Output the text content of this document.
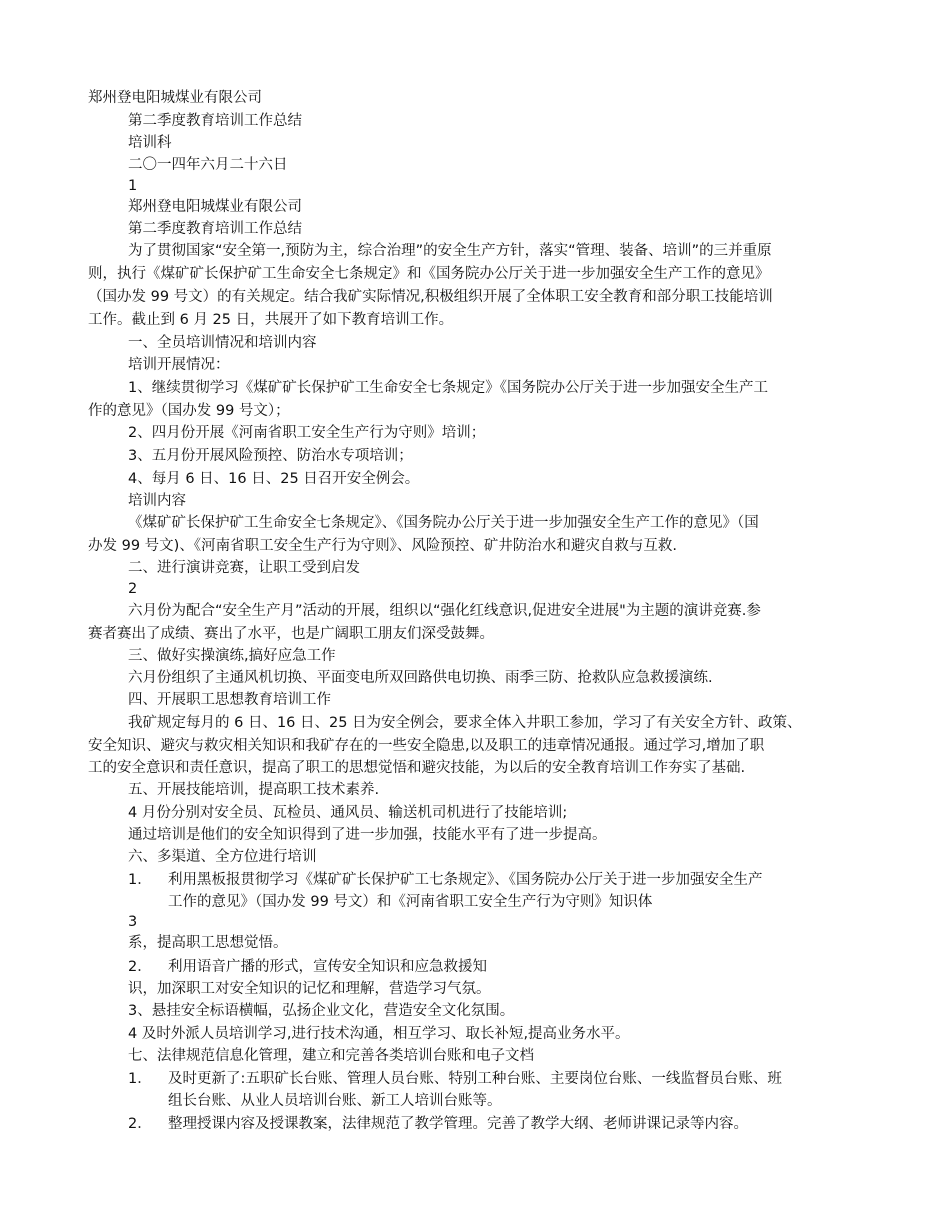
郑州登电阳城煤业有限公司
第二季度教育培训工作总结
培训科
二〇一四年六月二十六日
1
郑州登电阳城煤业有限公司
第二季度教育培训工作总结
为了贯彻国家“安全第一,预防为主，综合治理”的安全生产方针，落实“管理、装备、培训”的三并重原
则，执行《煤矿矿长保护矿工生命安全七条规定》和《国务院办公厅关于进一步加强安全生产工作的意见》
（国办发 99 号文）的有关规定。结合我矿实际情况,积极组织开展了全体职工安全教育和部分职工技能培训
工作。截止到 6 月 25 日，共展开了如下教育培训工作。
一、全员培训情况和培训内容
培训开展情况：
1、继续贯彻学习《煤矿矿长保护矿工生命安全七条规定》《国务院办公厅关于进一步加强安全生产工
作的意见》（国办发 99 号文）；
2、四月份开展《河南省职工安全生产行为守则》培训；
3、五月份开展风险预控、防治水专项培训；
4、每月 6 日、16 日、25 日召开安全例会。
培训内容
《煤矿矿长保护矿工生命安全七条规定》、《国务院办公厅关于进一步加强安全生产工作的意见》（国
办发 99 号文)、《河南省职工安全生产行为守则》、风险预控、矿井防治水和避灾自救与互救.
二、进行演讲竞赛，让职工受到启发
2
六月份为配合“安全生产月”活动的开展，组织以“强化红线意识,促进安全进展"为主题的演讲竞赛.参
赛者赛出了成绩、赛出了水平，也是广阔职工朋友们深受鼓舞。
三、做好实操演练,搞好应急工作
六月份组织了主通风机切换、平面变电所双回路供电切换、雨季三防、抢救队应急救援演练.
四、开展职工思想教育培训工作
我矿规定每月的 6 日、16 日、25 日为安全例会，要求全体入井职工参加，学习了有关安全方针、政策、
安全知识、避灾与救灾相关知识和我矿存在的一些安全隐患,以及职工的违章情况通报。通过学习,增加了职
工的安全意识和责任意识，提高了职工的思想觉悟和避灾技能，为以后的安全教育培训工作夯实了基础.
五、开展技能培训，提高职工技术素养.
4 月份分别对安全员、瓦检员、通风员、输送机司机进行了技能培训;
通过培训是他们的安全知识得到了进一步加强，技能水平有了进一步提高。
六、多渠道、全方位进行培训
1． 利用黑板报贯彻学习《煤矿矿长保护矿工七条规定》、《国务院办公厅关于进一步加强安全生产
工作的意见》（国办发 99 号文）和《河南省职工安全生产行为守则》知识体
3
系，提高职工思想觉悟。
2． 利用语音广播的形式，宣传安全知识和应急救援知
识，加深职工对安全知识的记忆和理解，营造学习气氛。
3、悬挂安全标语横幅，弘扬企业文化，营造安全文化氛围。
4 及时外派人员培训学习,进行技术沟通，相互学习、取长补短,提高业务水平。
七、法律规范信息化管理，建立和完善各类培训台账和电子文档
1． 及时更新了:五职矿长台账、管理人员台账、特别工种台账、主要岗位台账、一线监督员台账、班
组长台账、从业人员培训台账、新工人培训台账等。
2． 整理授课内容及授课教案，法律规范了教学管理。完善了教学大纲、老师讲课记录等内容。
